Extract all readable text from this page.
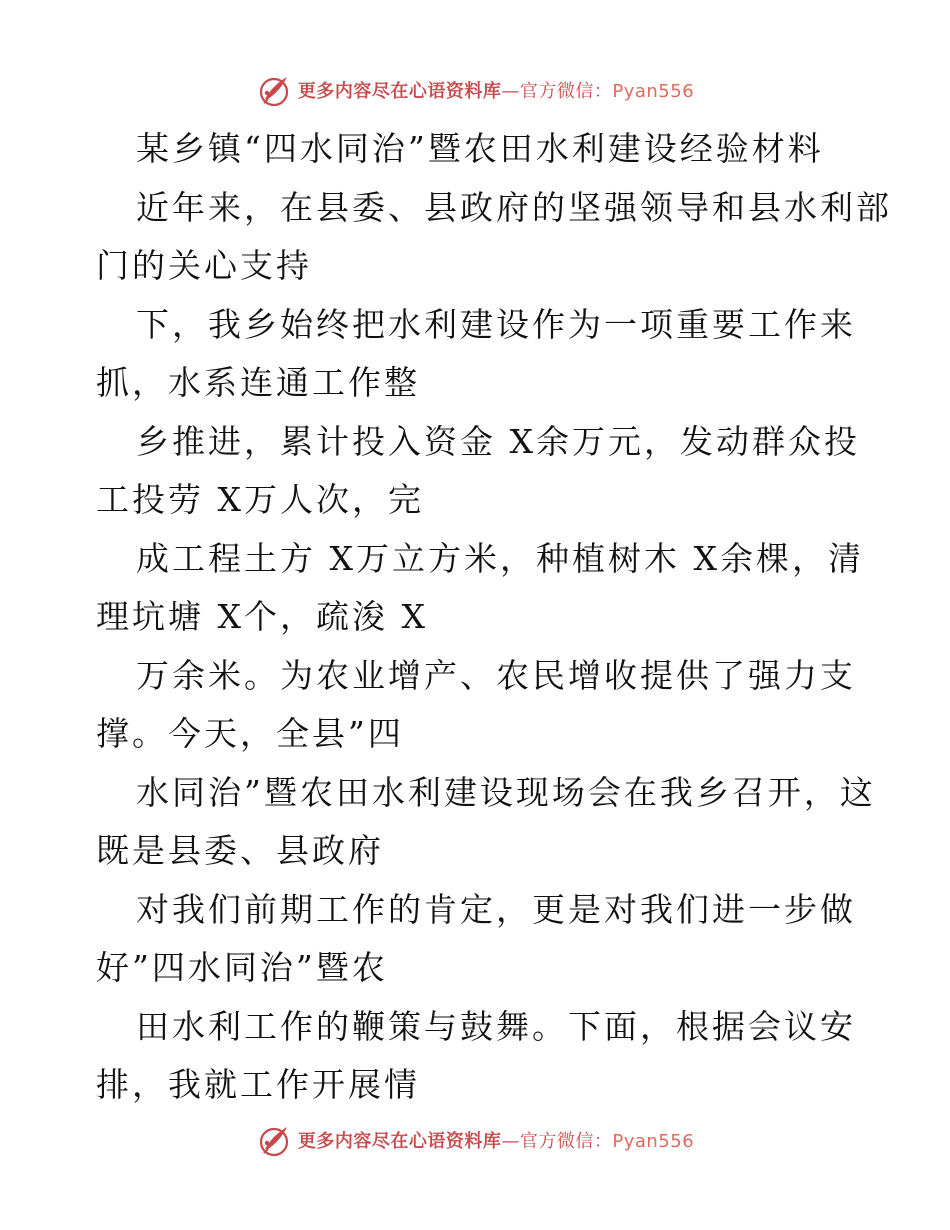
更多内容尽在心语资料库—官方微信：Pyan556
某乡镇“四水同治”暨农田水利建设经验材料
近年来，在县委、县政府的坚强领导和县水利部
门的关心支持
下，我乡始终把水利建设作为一项重要工作来
抓，水系连通工作整
乡推进，累计投入资金 X余万元，发动群众投
工投劳 X万人次，完
成工程土方 X万立方米，种植树木 X余棵，清
理坑塘 X个，疏浚 X
万余米。为农业增产、农民增收提供了强力支
撑。今天，全县”四
水同治”暨农田水利建设现场会在我乡召开，这
既是县委、县政府
对我们前期工作的肯定，更是对我们进一步做
好”四水同治”暨农
田水利工作的鞭策与鼓舞。下面，根据会议安
排，我就工作开展情
更多内容尽在心语资料库—官方微信：Pyan556
